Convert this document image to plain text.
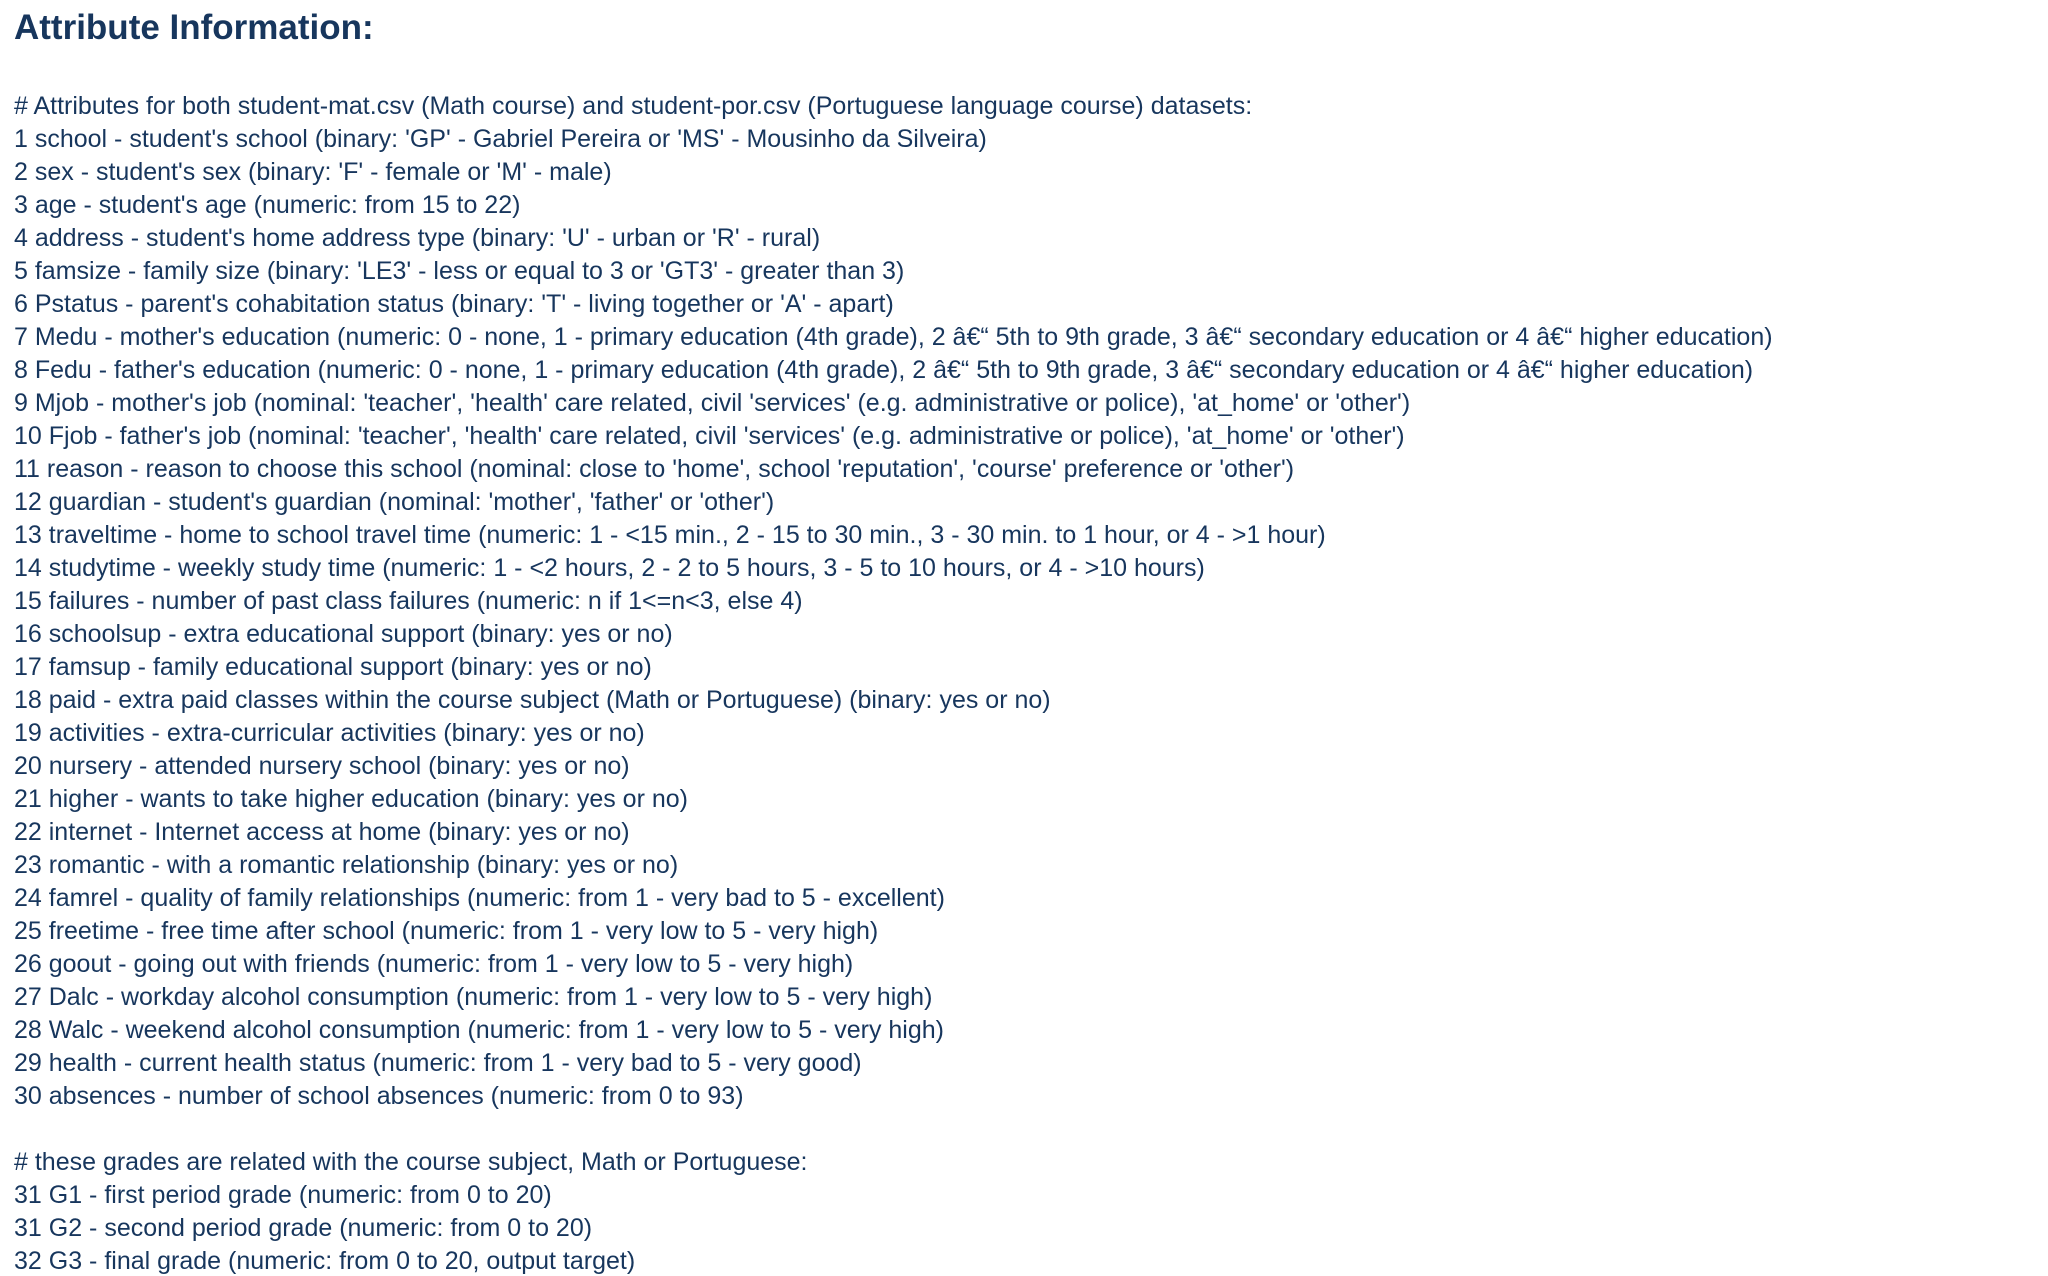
Attribute Information:
# Attributes for both student-mat.csv (Math course) and student-por.csv (Portuguese language course) datasets:
1 school - student's school (binary: 'GP' - Gabriel Pereira or 'MS' - Mousinho da Silveira)
2 sex - student's sex (binary: 'F' - female or 'M' - male)
3 age - student's age (numeric: from 15 to 22)
4 address - student's home address type (binary: 'U' - urban or 'R' - rural)
5 famsize - family size (binary: 'LE3' - less or equal to 3 or 'GT3' - greater than 3)
6 Pstatus - parent's cohabitation status (binary: 'T' - living together or 'A' - apart)
7 Medu - mother's education (numeric: 0 - none, 1 - primary education (4th grade), 2 â€“ 5th to 9th grade, 3 â€“ secondary education or 4 â€“ higher education)
8 Fedu - father's education (numeric: 0 - none, 1 - primary education (4th grade), 2 â€“ 5th to 9th grade, 3 â€“ secondary education or 4 â€“ higher education)
9 Mjob - mother's job (nominal: 'teacher', 'health' care related, civil 'services' (e.g. administrative or police), 'at_home' or 'other')
10 Fjob - father's job (nominal: 'teacher', 'health' care related, civil 'services' (e.g. administrative or police), 'at_home' or 'other')
11 reason - reason to choose this school (nominal: close to 'home', school 'reputation', 'course' preference or 'other')
12 guardian - student's guardian (nominal: 'mother', 'father' or 'other')
13 traveltime - home to school travel time (numeric: 1 - <15 min., 2 - 15 to 30 min., 3 - 30 min. to 1 hour, or 4 - >1 hour)
14 studytime - weekly study time (numeric: 1 - <2 hours, 2 - 2 to 5 hours, 3 - 5 to 10 hours, or 4 - >10 hours)
15 failures - number of past class failures (numeric: n if 1<=n<3, else 4)
16 schoolsup - extra educational support (binary: yes or no)
17 famsup - family educational support (binary: yes or no)
18 paid - extra paid classes within the course subject (Math or Portuguese) (binary: yes or no)
19 activities - extra-curricular activities (binary: yes or no)
20 nursery - attended nursery school (binary: yes or no)
21 higher - wants to take higher education (binary: yes or no)
22 internet - Internet access at home (binary: yes or no)
23 romantic - with a romantic relationship (binary: yes or no)
24 famrel - quality of family relationships (numeric: from 1 - very bad to 5 - excellent)
25 freetime - free time after school (numeric: from 1 - very low to 5 - very high)
26 goout - going out with friends (numeric: from 1 - very low to 5 - very high)
27 Dalc - workday alcohol consumption (numeric: from 1 - very low to 5 - very high)
28 Walc - weekend alcohol consumption (numeric: from 1 - very low to 5 - very high)
29 health - current health status (numeric: from 1 - very bad to 5 - very good)
30 absences - number of school absences (numeric: from 0 to 93)
# these grades are related with the course subject, Math or Portuguese:
31 G1 - first period grade (numeric: from 0 to 20)
31 G2 - second period grade (numeric: from 0 to 20)
32 G3 - final grade (numeric: from 0 to 20, output target)
